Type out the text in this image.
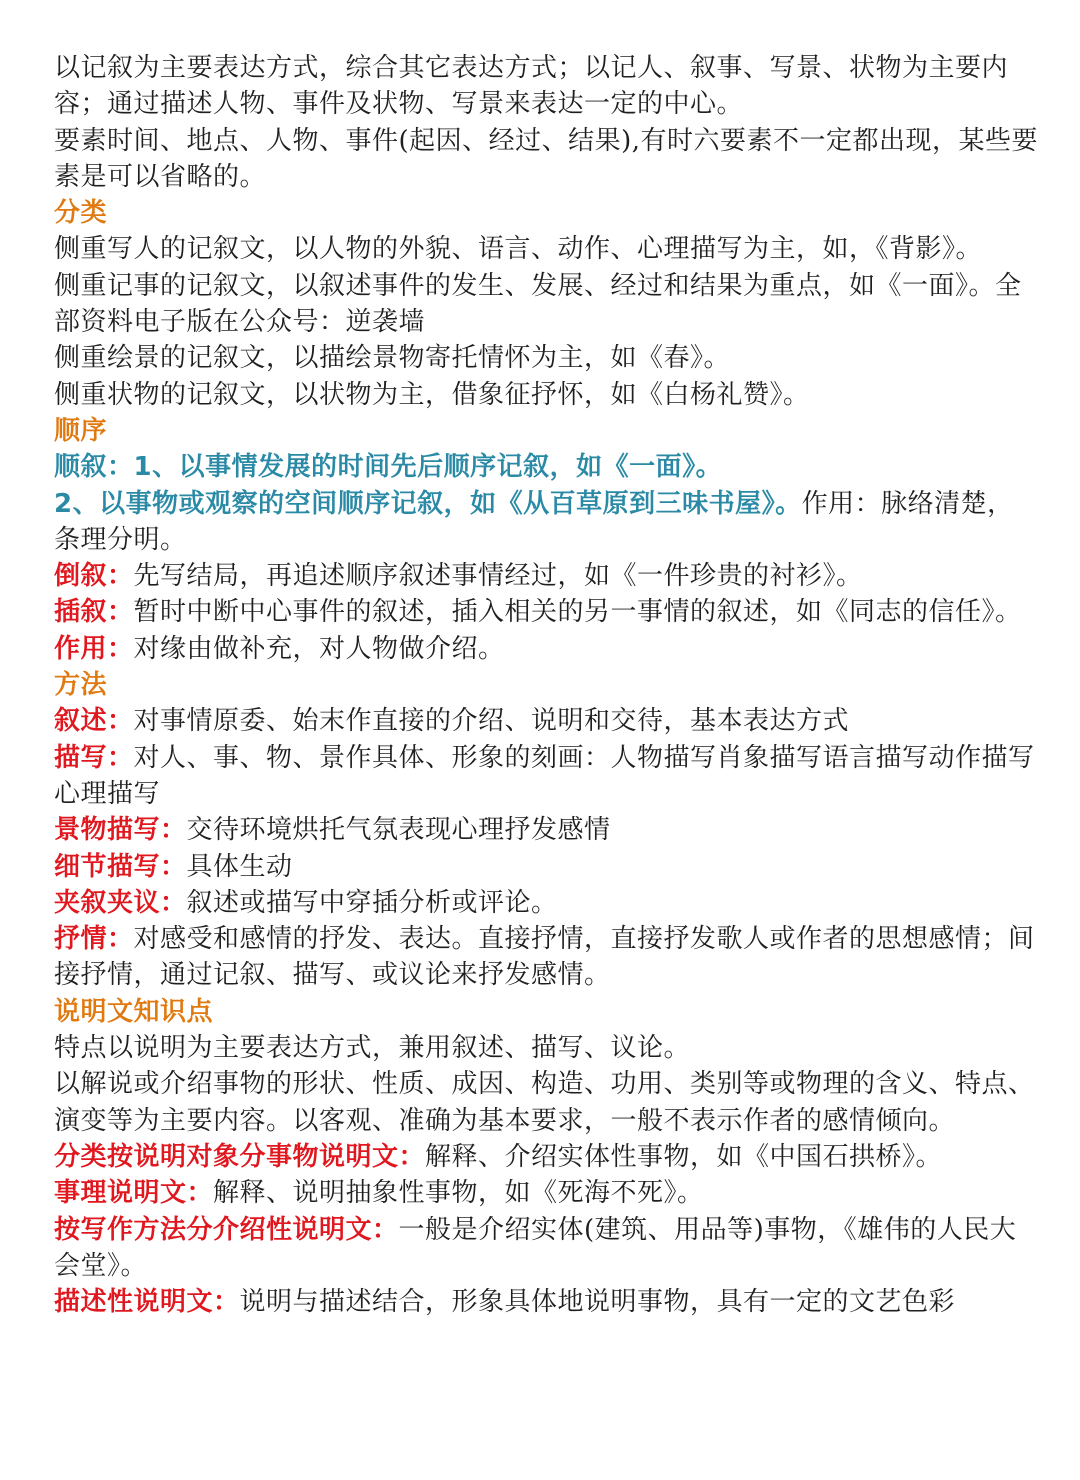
以记叙为主要表达方式，综合其它表达方式；以记人、叙事、写景、状物为主要内容；通过描述人物、事件及状物、写景来表达一定的中心。

要素时间、地点、人物、事件(起因、经过、结果),有时六要素不一定都出现，某些要素是可以省略的。

分类

侧重写人的记叙文，以人物的外貌、语言、动作、心理描写为主，如，《背影》。

侧重记事的记叙文，以叙述事件的发生、发展、经过和结果为重点，如《一面》。全部资料电子版在公众号：逆袭墙

侧重绘景的记叙文，以描绘景物寄托情怀为主，如《春》。

侧重状物的记叙文，以状物为主，借象征抒怀，如《白杨礼赞》。

顺序

顺叙：1、以事情发展的时间先后顺序记叙，如《一面》。

2、以事物或观察的空间顺序记叙，如《从百草原到三味书屋》。作用：脉络清楚，条理分明。

倒叙：先写结局，再追述顺序叙述事情经过，如《一件珍贵的衬衫》。

插叙：暂时中断中心事件的叙述，插入相关的另一事情的叙述，如《同志的信任》。

作用：对缘由做补充，对人物做介绍。

方法

叙述：对事情原委、始末作直接的介绍、说明和交待，基本表达方式

描写：对人、事、物、景作具体、形象的刻画：人物描写肖象描写语言描写动作描写心理描写

景物描写：交待环境烘托气氛表现心理抒发感情

细节描写：具体生动

夹叙夹议：叙述或描写中穿插分析或评论。

抒情：对感受和感情的抒发、表达。直接抒情，直接抒发歌人或作者的思想感情；间接抒情，通过记叙、描写、或议论来抒发感情。

说明文知识点

特点以说明为主要表达方式，兼用叙述、描写、议论。

以解说或介绍事物的形状、性质、成因、构造、功用、类别等或物理的含义、特点、演变等为主要内容。以客观、准确为基本要求，一般不表示作者的感情倾向。

分类按说明对象分事物说明文：解释、介绍实体性事物，如《中国石拱桥》。

事理说明文：解释、说明抽象性事物，如《死海不死》。

按写作方法分介绍性说明文：一般是介绍实体(建筑、用品等)事物，《雄伟的人民大会堂》。

描述性说明文：说明与描述结合，形象具体地说明事物，具有一定的文艺色彩
